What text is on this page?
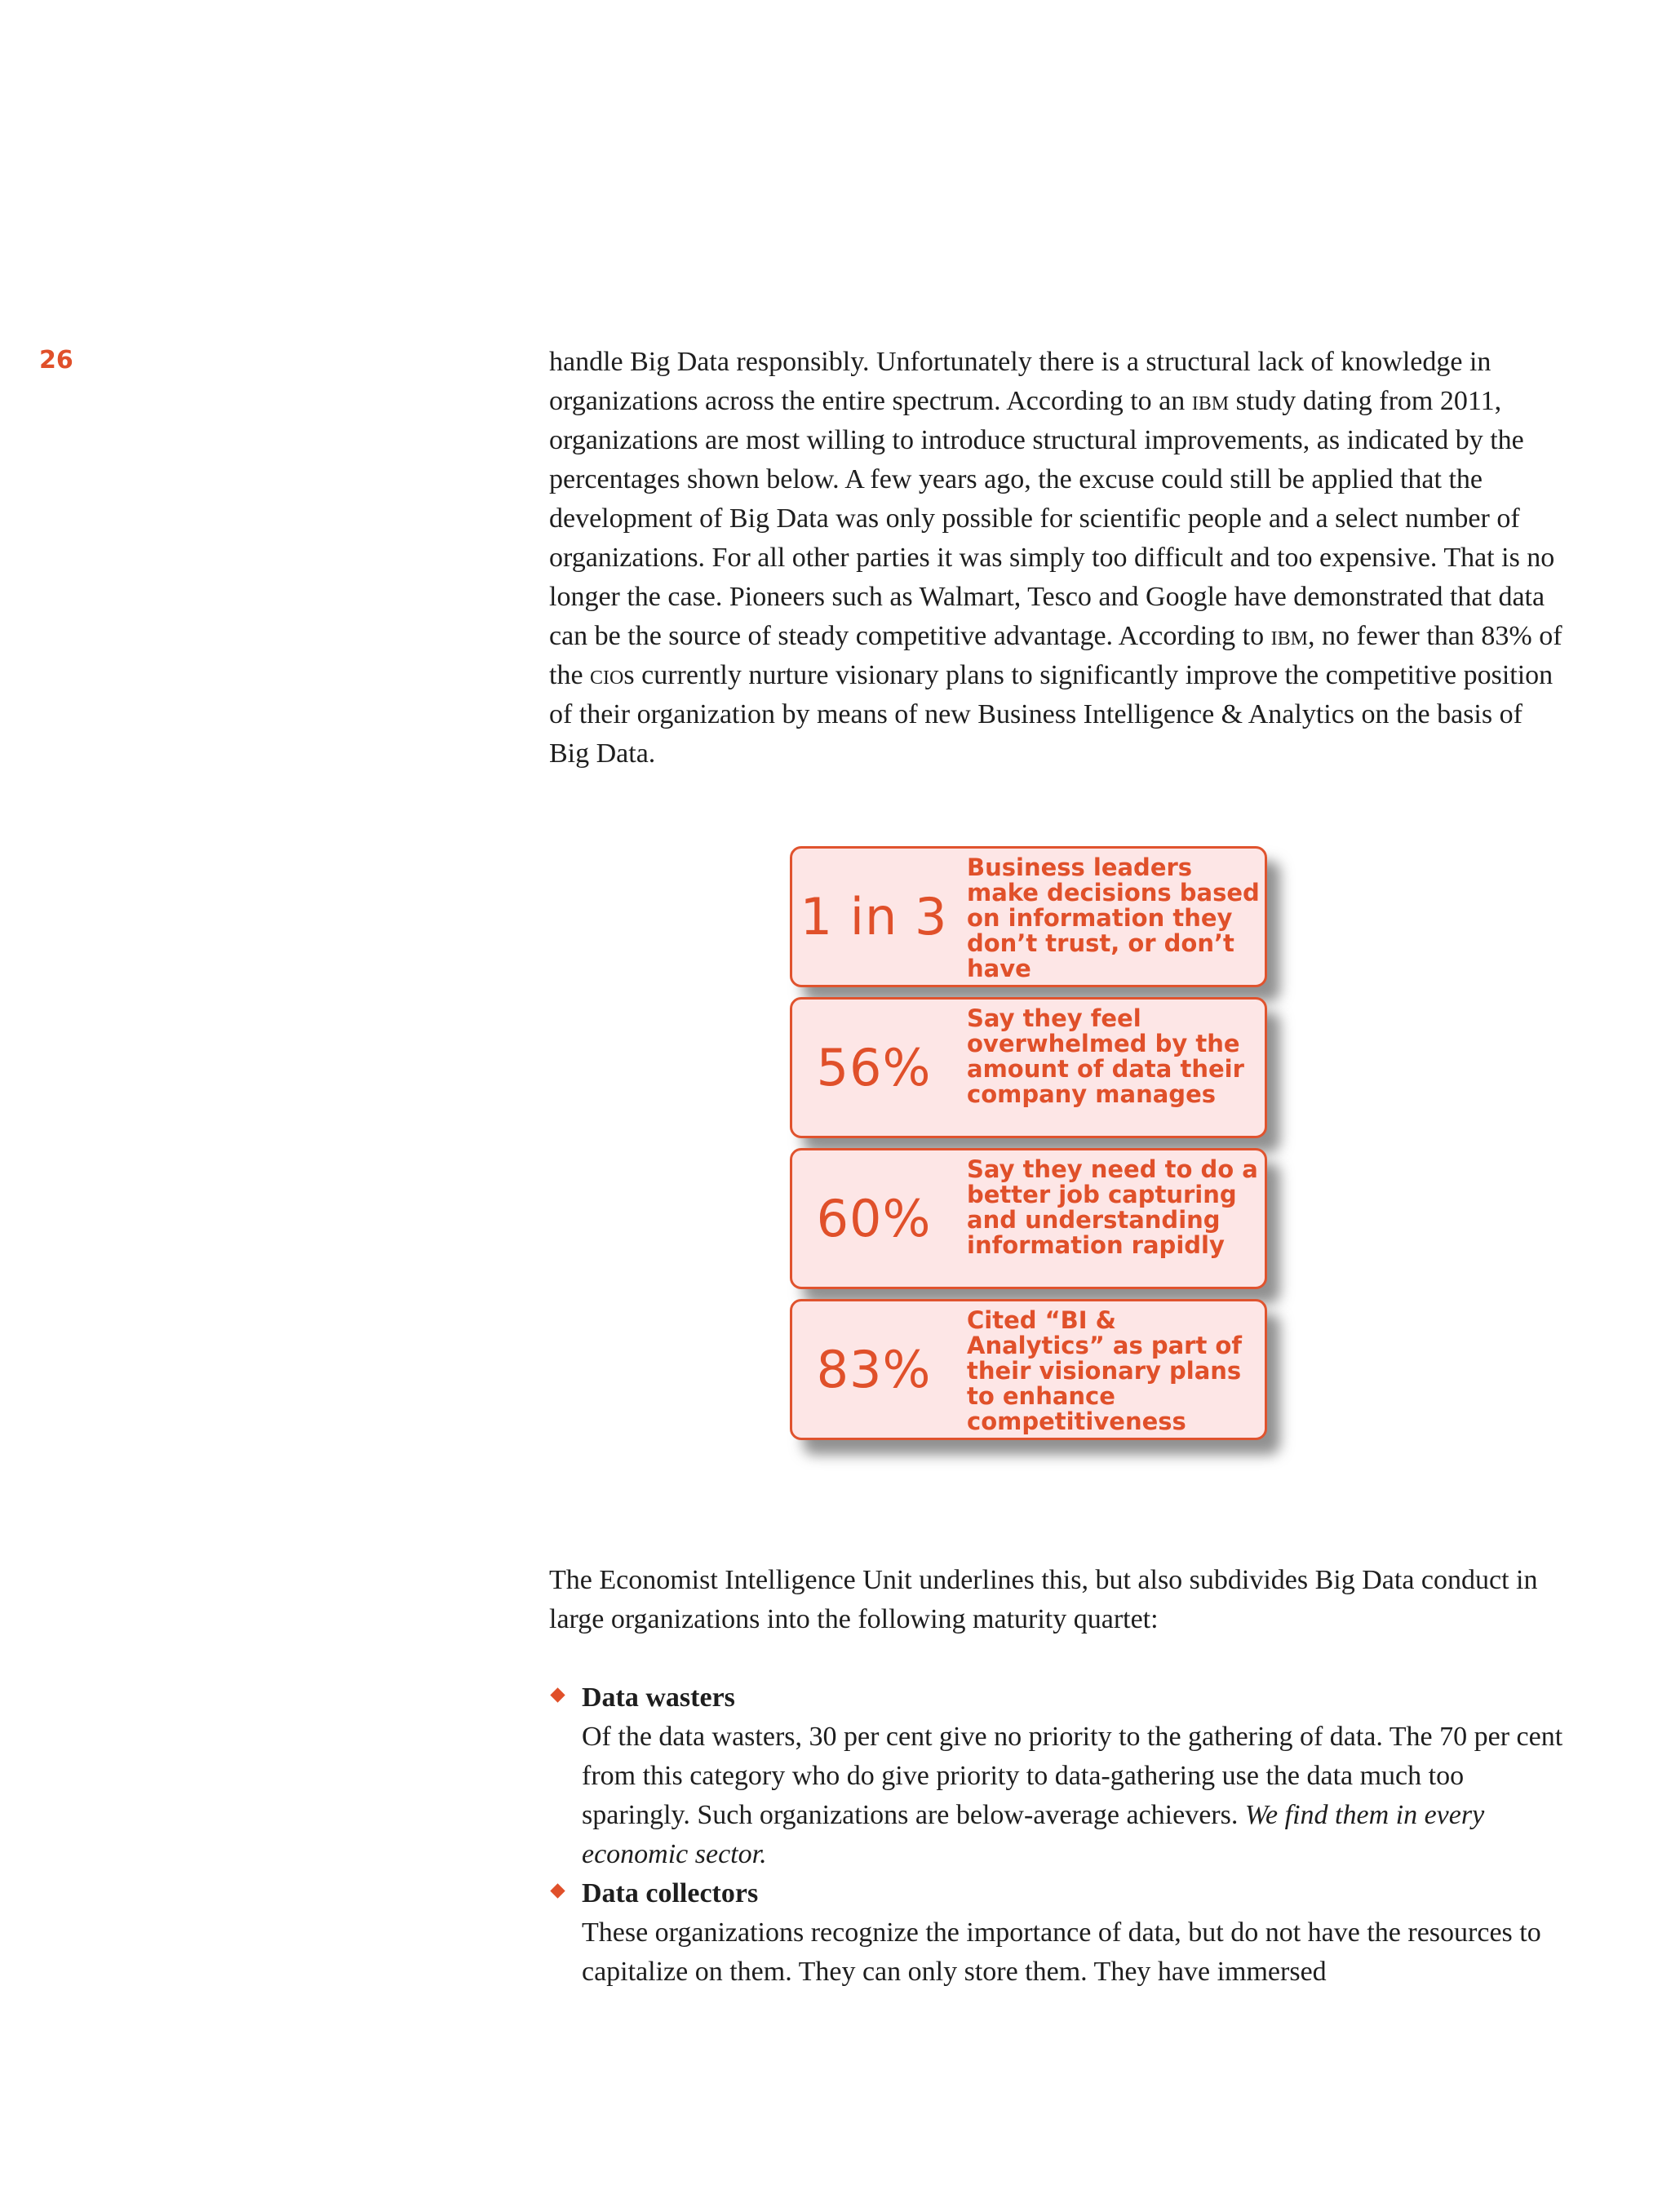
26	handle Big Data responsibly. Unfortunately there is a structural lack of knowledge in organizations across the entire spectrum. According to an ibm study dating from 2011, organizations are most willing to introduce structural improvements, as indicated by the percentages shown below. A few years ago, the excuse could still be applied that the development of Big Data was only possible for scientific people and a select number of organizations. For all other parties it was simply too difficult and too expensive. That is no longer the case. Pioneers such as Walmart, Tesco and Google have demonstrated that data can be the source of steady competitive advantage. According to ibm, no fewer than 83% of the cios currently nurture visionary plans to significantly improve the competitive position of their organization by means of new Business Intelligence & Analytics on the basis of Big Data.

1 in 3
Business leaders make decisions based on information they don’t trust, or don’t have
56%
Say they feel overwhelmed by the amount of data their company manages
60%
Say they need to do a better job capturing and understanding information rapidly
83%
Cited “BI & Analytics” as part of their visionary plans to enhance competitiveness

The Economist Intelligence Unit underlines this, but also subdivides Big Data conduct in large organizations into the following maturity quartet:

Data wasters
Of the data wasters, 30 per cent give no priority to the gathering of data. The 70 per cent from this category who do give priority to data-gathering use the data much too sparingly. Such organizations are below-average achievers. We find them in every economic sector.
Data collectors
These organizations recognize the importance of data, but do not have the resources to capitalize on them. They can only store them. They have immersed
